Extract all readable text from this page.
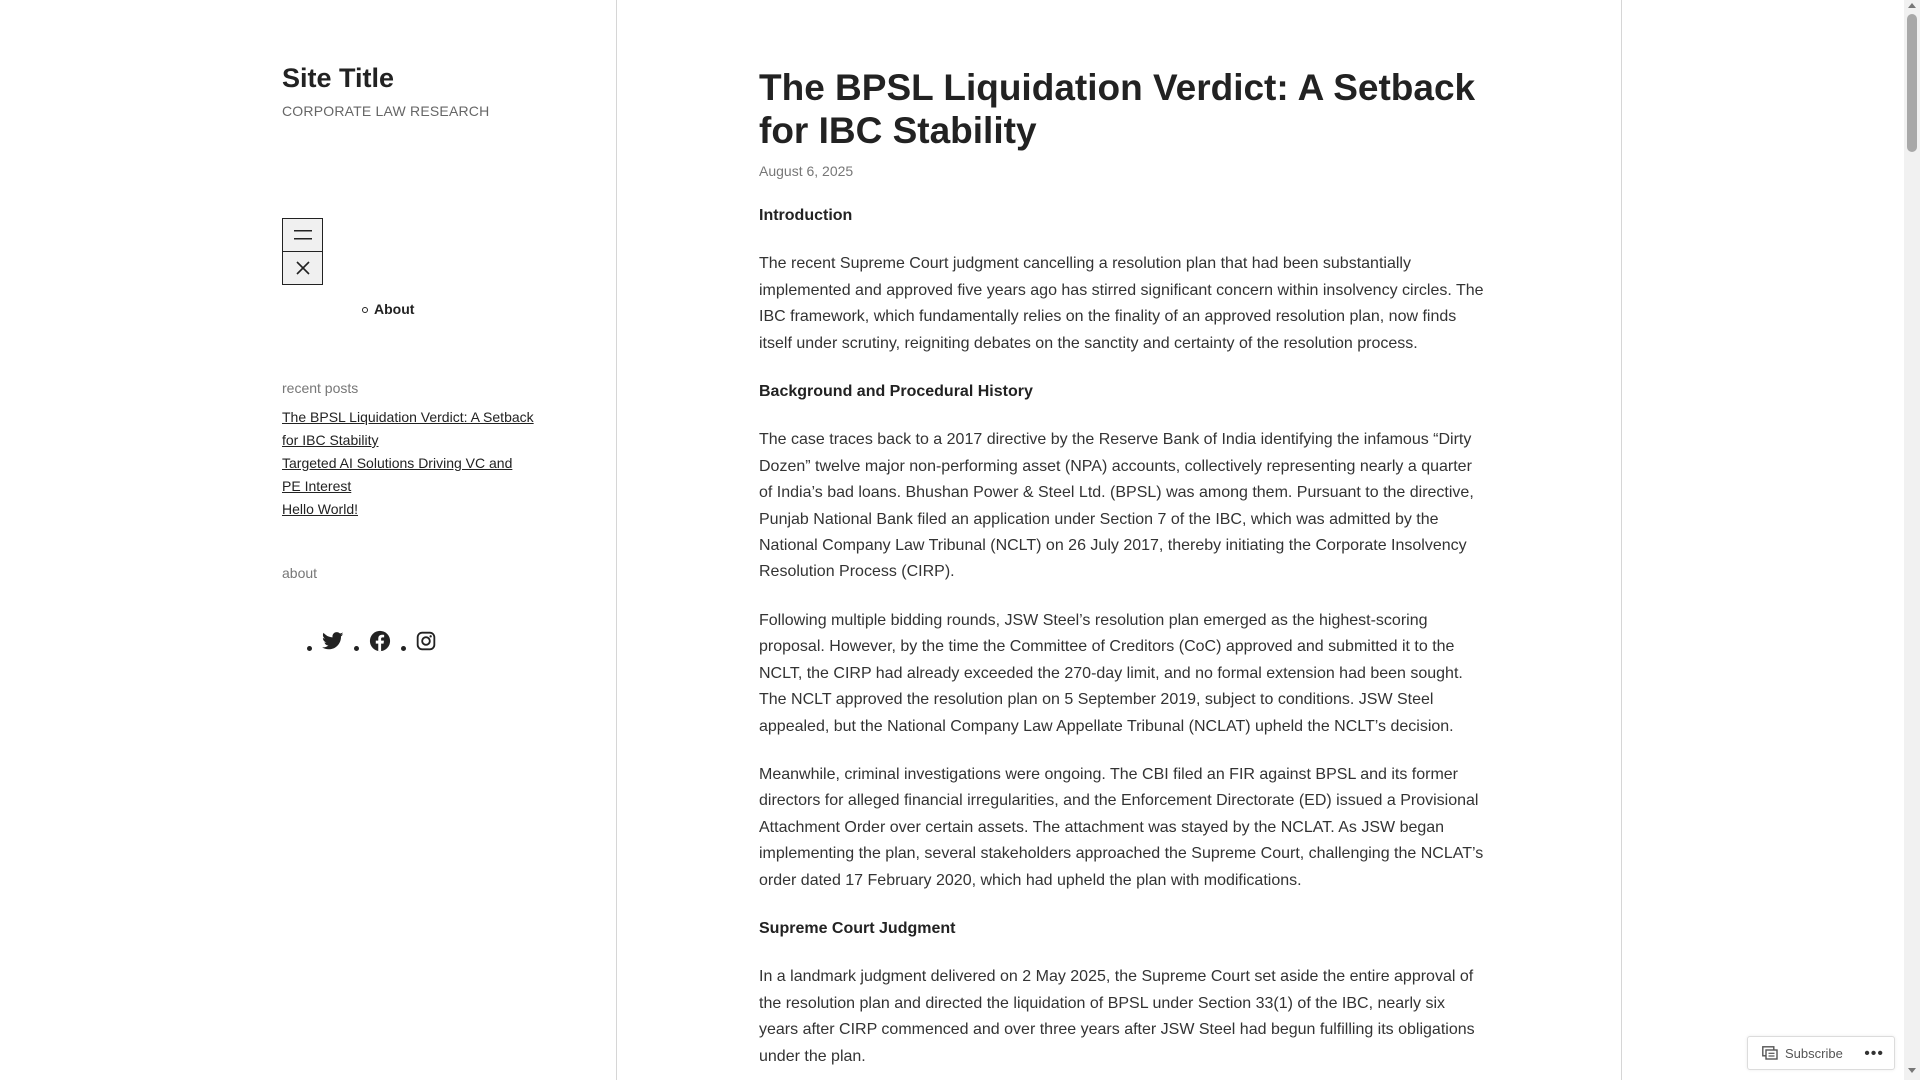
Site Title
CORPORATE LAW RESEARCH
About
recent posts
The BPSL Liquidation Verdict: A Setback
for IBC Stability
Targeted AI Solutions Driving VC and
PE Interest
Hello World!
about
The BPSL Liquidation Verdict: A Setback for IBC Stability
August 6, 2025

Introduction

The recent Supreme Court judgment cancelling a resolution plan that had been substantially implemented and approved five years ago has stirred significant concern within insolvency circles. The IBC framework, which fundamentally relies on the finality of an approved resolution plan, now finds itself under scrutiny, reigniting debates on the sanctity and certainty of the resolution process.

Background and Procedural History

The case traces back to a 2017 directive by the Reserve Bank of India identifying the infamous “Dirty Dozen” twelve major non-performing asset (NPA) accounts, collectively representing nearly a quarter of India’s bad loans. Bhushan Power & Steel Ltd. (BPSL) was among them. Pursuant to the directive, Punjab National Bank filed an application under Section 7 of the IBC, which was admitted by the National Company Law Tribunal (NCLT) on 26 July 2017, thereby initiating the Corporate Insolvency Resolution Process (CIRP).

Following multiple bidding rounds, JSW Steel’s resolution plan emerged as the highest-scoring proposal. However, by the time the Committee of Creditors (CoC) approved and submitted it to the NCLT, the CIRP had already exceeded the 270-day limit, and no formal extension had been sought. The NCLT approved the resolution plan on 5 September 2019, subject to conditions. JSW Steel appealed, but the National Company Law Appellate Tribunal (NCLAT) upheld the NCLT’s decision.

Meanwhile, criminal investigations were ongoing. The CBI filed an FIR against BPSL and its former directors for alleged financial irregularities, and the Enforcement Directorate (ED) issued a Provisional Attachment Order over certain assets. The attachment was stayed by the NCLAT. As JSW began implementing the plan, several stakeholders approached the Supreme Court, challenging the NCLAT’s order dated 17 February 2020, which had upheld the plan with modifications.

Supreme Court Judgment

In a landmark judgment delivered on 2 May 2025, the Supreme Court set aside the entire approval of the resolution plan and directed the liquidation of BPSL under Section 33(1) of the IBC, nearly six years after CIRP commenced and over three years after JSW Steel had begun fulfilling its obligations under the plan.	Subscribe •••
